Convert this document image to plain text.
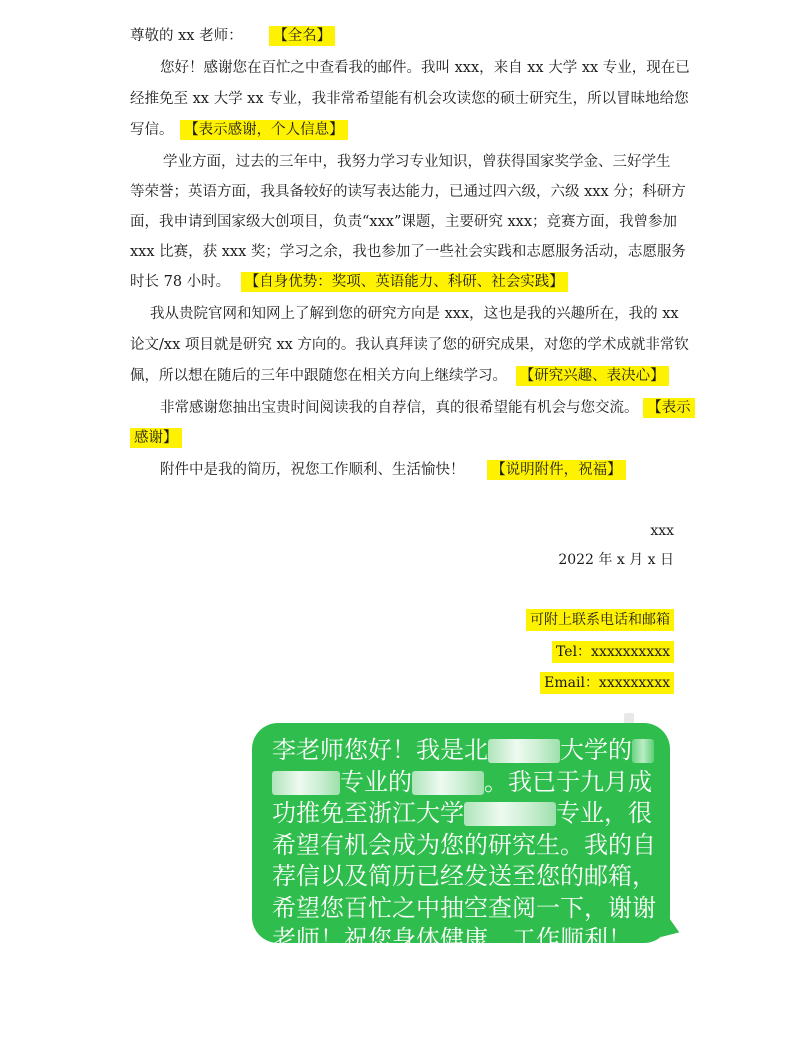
尊敬的 xx 老师： 【全名】
您好！感谢您在百忙之中查看我的邮件。我叫 xxx，来自 xx 大学 xx 专业，现在已
经推免至 xx 大学 xx 专业，我非常希望能有机会攻读您的硕士研究生，所以冒昧地给您
写信。 【表示感谢，个人信息】
学业方面，过去的三年中，我努力学习专业知识，曾获得国家奖学金、三好学生
等荣誉；英语方面，我具备较好的读写表达能力，已通过四六级，六级 xxx 分；科研方
面，我申请到国家级大创项目，负责“xxx”课题，主要研究 xxx；竞赛方面，我曾参加
xxx 比赛，获 xxx 奖；学习之余，我也参加了一些社会实践和志愿服务活动，志愿服务
时长 78 小时。 【自身优势：奖项、英语能力、科研、社会实践】
我从贵院官网和知网上了解到您的研究方向是 xxx，这也是我的兴趣所在，我的 xx
论文/xx 项目就是研究 xx 方向的。我认真拜读了您的研究成果，对您的学术成就非常钦
佩，所以想在随后的三年中跟随您在相关方向上继续学习。 【研究兴趣、表决心】
非常感谢您抽出宝贵时间阅读我的自荐信，真的很希望能有机会与您交流。 【表示
感谢】
附件中是我的简历，祝您工作顺利、生活愉快！ 【说明附件，祝福】
xxx
2022 年 x 月 x 日
可附上联系电话和邮箱
Tel：xxxxxxxxxx
Email：xxxxxxxxx
李老师您好！我是北	大学的
专业的	。我已于九月成
功推免至浙江大学	专业，很
希望有机会成为您的研究生。我的自
荐信以及简历已经发送至您的邮箱，
希望您百忙之中抽空查阅一下，谢谢
老师！祝您身体健康、工作顺利！
